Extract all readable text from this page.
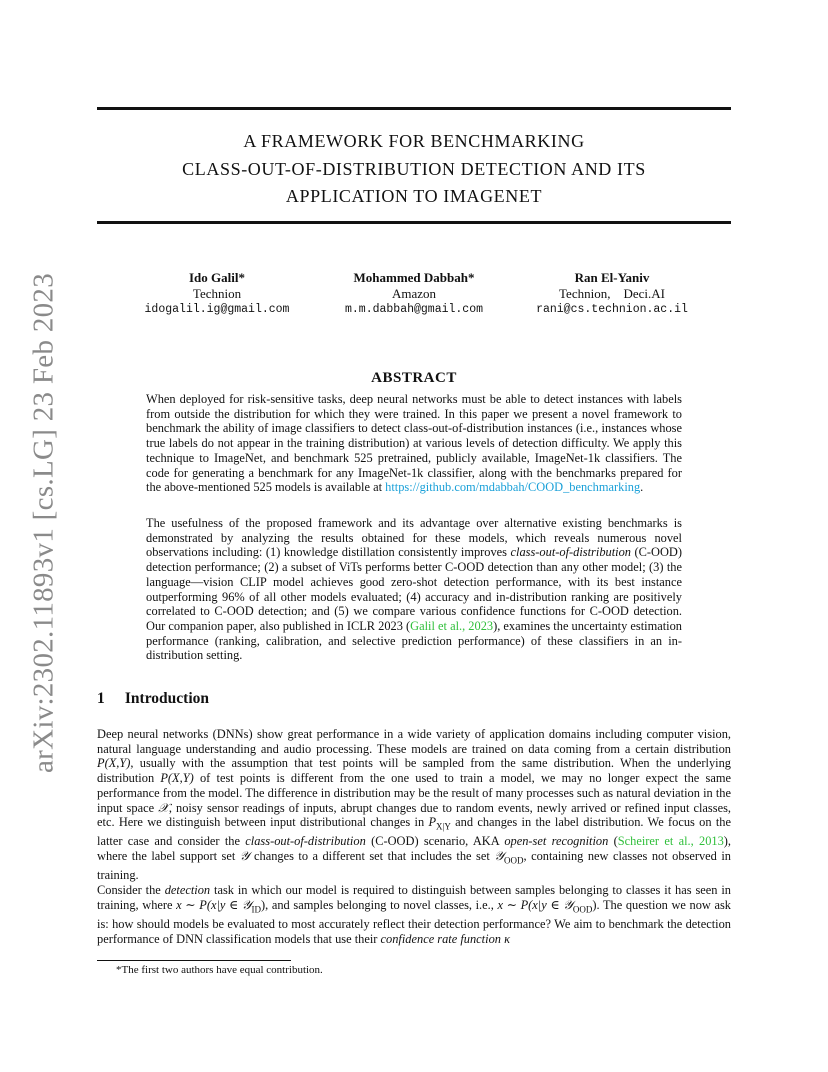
arXiv:2302.11893v1 [cs.LG] 23 Feb 2023
A FRAMEWORK FOR BENCHMARKING
CLASS-OUT-OF-DISTRIBUTION DETECTION AND ITS
APPLICATION TO IMAGENET
Ido Galil*
Technion
idogalil.ig@gmail.com
Mohammed Dabbah*
Amazon
m.m.dabbah@gmail.com
Ran El-Yaniv
Technion,    Deci.AI
rani@cs.technion.ac.il
ABSTRACT
When deployed for risk-sensitive tasks, deep neural networks must be able to detect instances with labels from outside the distribution for which they were trained. In this paper we present a novel framework to benchmark the ability of image classifiers to detect class-out-of-distribution instances (i.e., instances whose true labels do not appear in the training distribution) at various levels of detection difficulty. We apply this technique to ImageNet, and benchmark 525 pretrained, publicly available, ImageNet-1k classifiers. The code for generating a benchmark for any ImageNet-1k classifier, along with the benchmarks prepared for the above-mentioned 525 models is available at https://github.com/mdabbah/COOD_benchmarking.
The usefulness of the proposed framework and its advantage over alternative existing benchmarks is demonstrated by analyzing the results obtained for these models, which reveals numerous novel observations including: (1) knowledge distillation consistently improves class-out-of-distribution (C-OOD) detection performance; (2) a subset of ViTs performs better C-OOD detection than any other model; (3) the language—vision CLIP model achieves good zero-shot detection performance, with its best instance outperforming 96% of all other models evaluated; (4) accuracy and in-distribution ranking are positively correlated to C-OOD detection; and (5) we compare various confidence functions for C-OOD detection. Our companion paper, also published in ICLR 2023 (Galil et al., 2023), examines the uncertainty estimation performance (ranking, calibration, and selective prediction performance) of these classifiers in an in-distribution setting.
1 Introduction
Deep neural networks (DNNs) show great performance in a wide variety of application domains including computer vision, natural language understanding and audio processing. These models are trained on data coming from a certain distribution P(X,Y), usually with the assumption that test points will be sampled from the same distribution. When the underlying distribution P(X,Y) of test points is different from the one used to train a model, we may no longer expect the same performance from the model. The difference in distribution may be the result of many processes such as natural deviation in the input space 𝒳, noisy sensor readings of inputs, abrupt changes due to random events, newly arrived or refined input classes, etc. Here we distinguish between input distributional changes in $P_{X|Y}$ and changes in the label distribution. We focus on the latter case and consider the class-out-of-distribution (C-OOD) scenario, AKA open-set recognition (Scheirer et al., 2013), where the label support set 𝒴 changes to a different set that includes the set 𝒴$_{OOD}$, containing new classes not observed in training.
Consider the detection task in which our model is required to distinguish between samples belonging to classes it has seen in training, where x ∼ P(x|y ∈ 𝒴$_{ID}$), and samples belonging to novel classes, i.e., x ∼ P(x|y ∈ 𝒴$_{OOD}$). The question we now ask is: how should models be evaluated to most accurately reflect their detection performance? We aim to benchmark the detection performance of DNN classification models that use their confidence rate function κ
*The first two authors have equal contribution.
